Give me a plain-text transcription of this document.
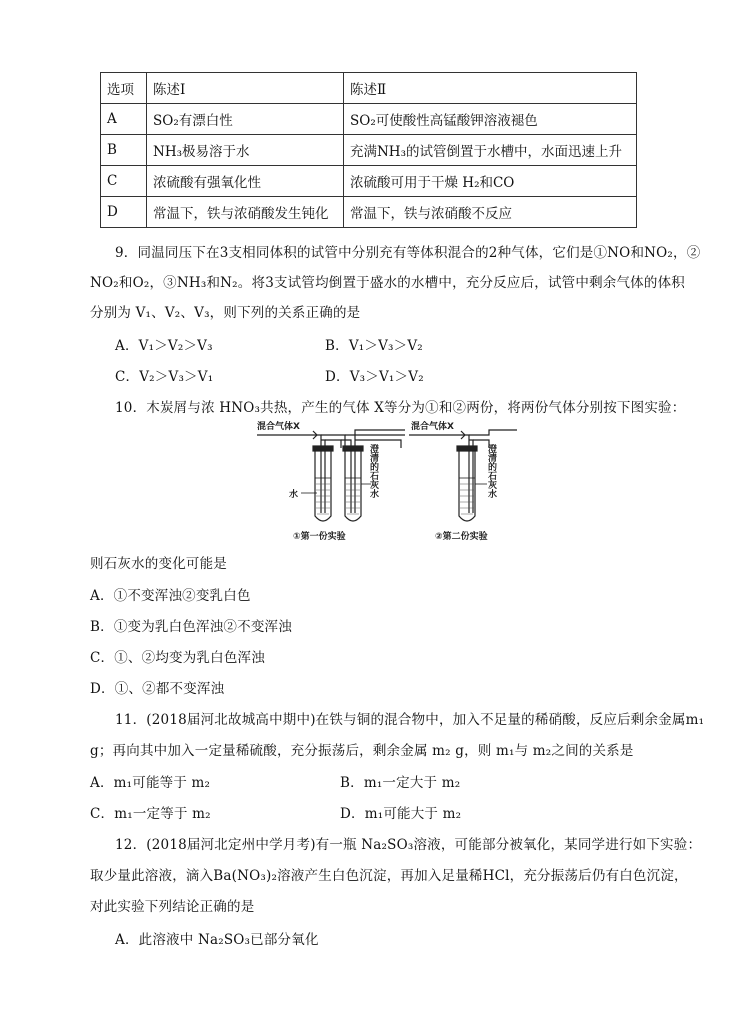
选项	陈述Ⅰ	陈述Ⅱ
A	SO₂有漂白性	SO₂可使酸性高锰酸钾溶液褪色
B	NH₃极易溶于水	充满NH₃的试管倒置于水槽中，水面迅速上升
C	浓硫酸有强氧化性	浓硫酸可用于干燥 H₂和CO
D	常温下，铁与浓硝酸发生钝化	常温下，铁与浓硝酸不反应
9．同温同压下在3支相同体积的试管中分别充有等体积混合的2种气体，它们是①NO和NO₂，②
NO₂和O₂，③NH₃和N₂。将3支试管均倒置于盛水的水槽中，充分反应后，试管中剩余气体的体积
分别为 V₁、V₂、V₃，则下列的关系正确的是
A．V₁＞V₂＞V₃	B．V₁＞V₃＞V₂
C．V₂＞V₃＞V₁	D．V₃＞V₁＞V₂
10．木炭屑与浓 HNO₃共热，产生的气体 X等分为①和②两份，将两份气体分别按下图实验：
混合气体X	混合气体X
水	澄清的石灰水	澄清的石灰水
①第一份实验	②第二份实验
则石灰水的变化可能是
A．①不变浑浊②变乳白色
B．①变为乳白色浑浊②不变浑浊
C．①、②均变为乳白色浑浊
D．①、②都不变浑浊
11．(2018届河北故城高中期中)在铁与铜的混合物中，加入不足量的稀硝酸，反应后剩余金属m₁
g；再向其中加入一定量稀硫酸，充分振荡后，剩余金属 m₂ g，则 m₁与 m₂之间的关系是
A．m₁可能等于 m₂	B．m₁一定大于 m₂
C．m₁一定等于 m₂	D．m₁可能大于 m₂
12．(2018届河北定州中学月考)有一瓶 Na₂SO₃溶液，可能部分被氧化，某同学进行如下实验：
取少量此溶液，滴入Ba(NO₃)₂溶液产生白色沉淀，再加入足量稀HCl，充分振荡后仍有白色沉淀，
对此实验下列结论正确的是
A．此溶液中 Na₂SO₃已部分氧化
